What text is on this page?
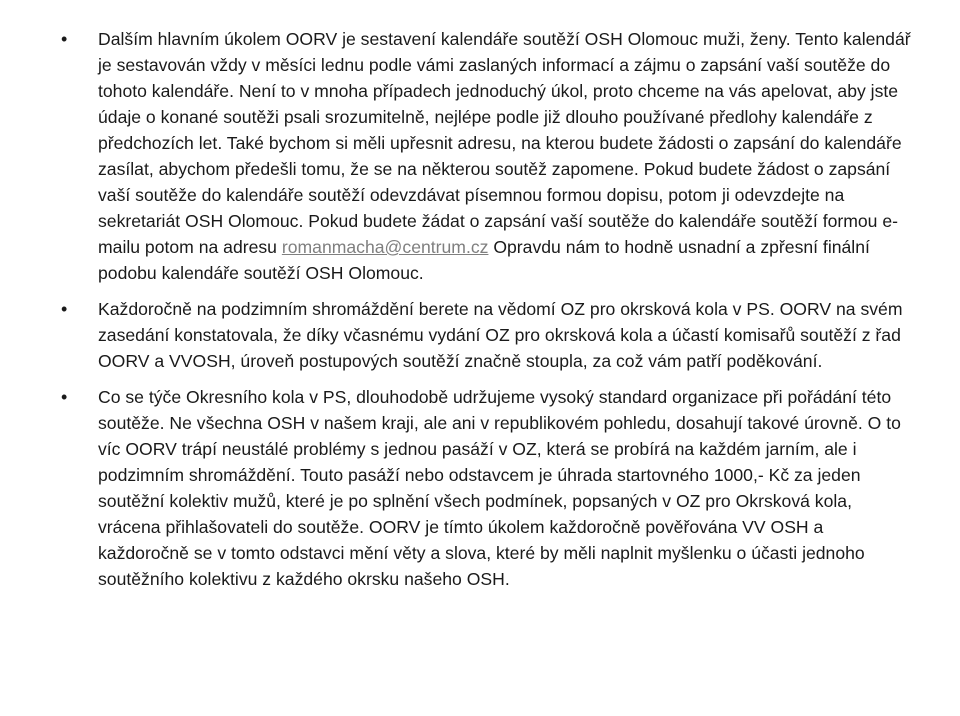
• Dalším hlavním úkolem OORV je sestavení kalendáře soutěží OSH Olomouc muži, ženy. Tento kalendář je sestavován vždy v měsíci lednu podle vámi zaslaných informací a zájmu o zapsání vaší soutěže do tohoto kalendáře. Není to v mnoha případech jednoduchý úkol, proto chceme na vás apelovat, aby jste údaje o konané soutěži psali srozumitelně, nejlépe podle již dlouho používané předlohy kalendáře z předchozích let. Také bychom si měli upřesnit adresu, na kterou budete žádosti o zapsání do kalendáře zasílat, abychom předešli tomu, že se na některou soutěž zapomene. Pokud budete žádost o zapsání vaší soutěže do kalendáře soutěží odevzdávat písemnou formou dopisu, potom ji odevzdejte na sekretariát OSH Olomouc. Pokud budete žádat o zapsání vaší soutěže do kalendáře soutěží formou e-mailu potom na adresu romanmacha@centrum.cz Opravdu nám to hodně usnadní a zpřesní finální podobu kalendáře soutěží OSH Olomouc.
• Každoročně na podzimním shromáždění berete na vědomí OZ pro okrsková kola v PS. OORV na svém zasedání konstatovala, že díky včasnému vydání OZ pro okrsková kola a účastí komisařů soutěží z řad OORV a VVOSH, úroveň postupových soutěží značně stoupla, za což vám patří poděkování.
• Co se týče Okresního kola v PS, dlouhodobě udržujeme vysoký standard organizace při pořádání této soutěže. Ne všechna OSH v našem kraji, ale ani v republikovém pohledu, dosahují takové úrovně. O to víc OORV trápí neustálé problémy s jednou pasáží v OZ, která se probírá na každém jarním, ale i podzimním shromáždění. Touto pasáží nebo odstavcem je úhrada startovného 1000,- Kč za jeden soutěžní kolektiv mužů, které je po splnění všech podmínek, popsaných v OZ pro Okrsková kola, vrácena přihlašovateli do soutěže. OORV je tímto úkolem každoročně pověřována VV OSH a každoročně se v tomto odstavci mění věty a slova, které by měli naplnit myšlenku o účasti jednoho soutěžního kolektivu z každého okrsku našeho OSH.
